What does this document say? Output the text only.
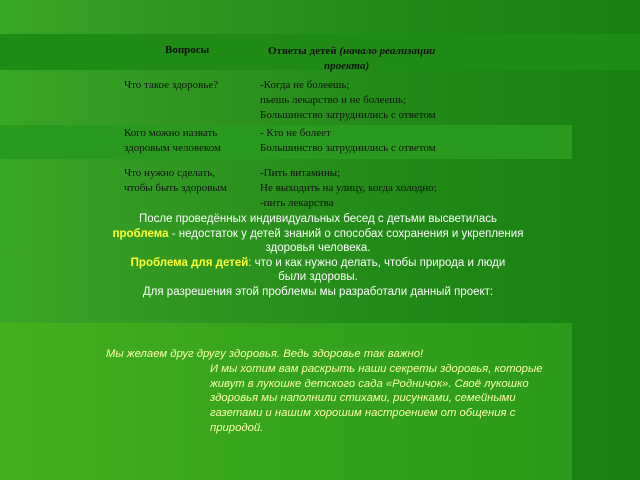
Вопросы	Ответы детей (начало реализации
проекта)
Что такое здоровье?	-Когда не болеешь;
пьешь лекарство и не болеешь;
Большинство затруднились с ответом
Кого можно назвать
здоровым человеком
- Кто не болеет
Большинство затруднились с ответом
Что нужно сделать,
чтобы быть здоровым
-Пить витамины;
Не выходить на улицу, когда холодно;
-пить лекарства
После проведённых индивидуальных бесед с детьми высветилась
проблема - недостаток у детей знаний о способах сохранения и укрепления
здоровья человека.
Проблема для детей: что и как нужно делать, чтобы природа и люди
были здоровы.
Для разрешения этой проблемы мы разработали данный проект:
Мы желаем друг другу здоровья. Ведь здоровье так важно!
И мы хотим вам раскрыть наши секреты здоровья, которые живут в лукошке детского сада «Родничок». Своё лукошко здоровья мы наполнили стихами, рисунками, семейными газетами и нашим хорошим настроением от общения с природой.
